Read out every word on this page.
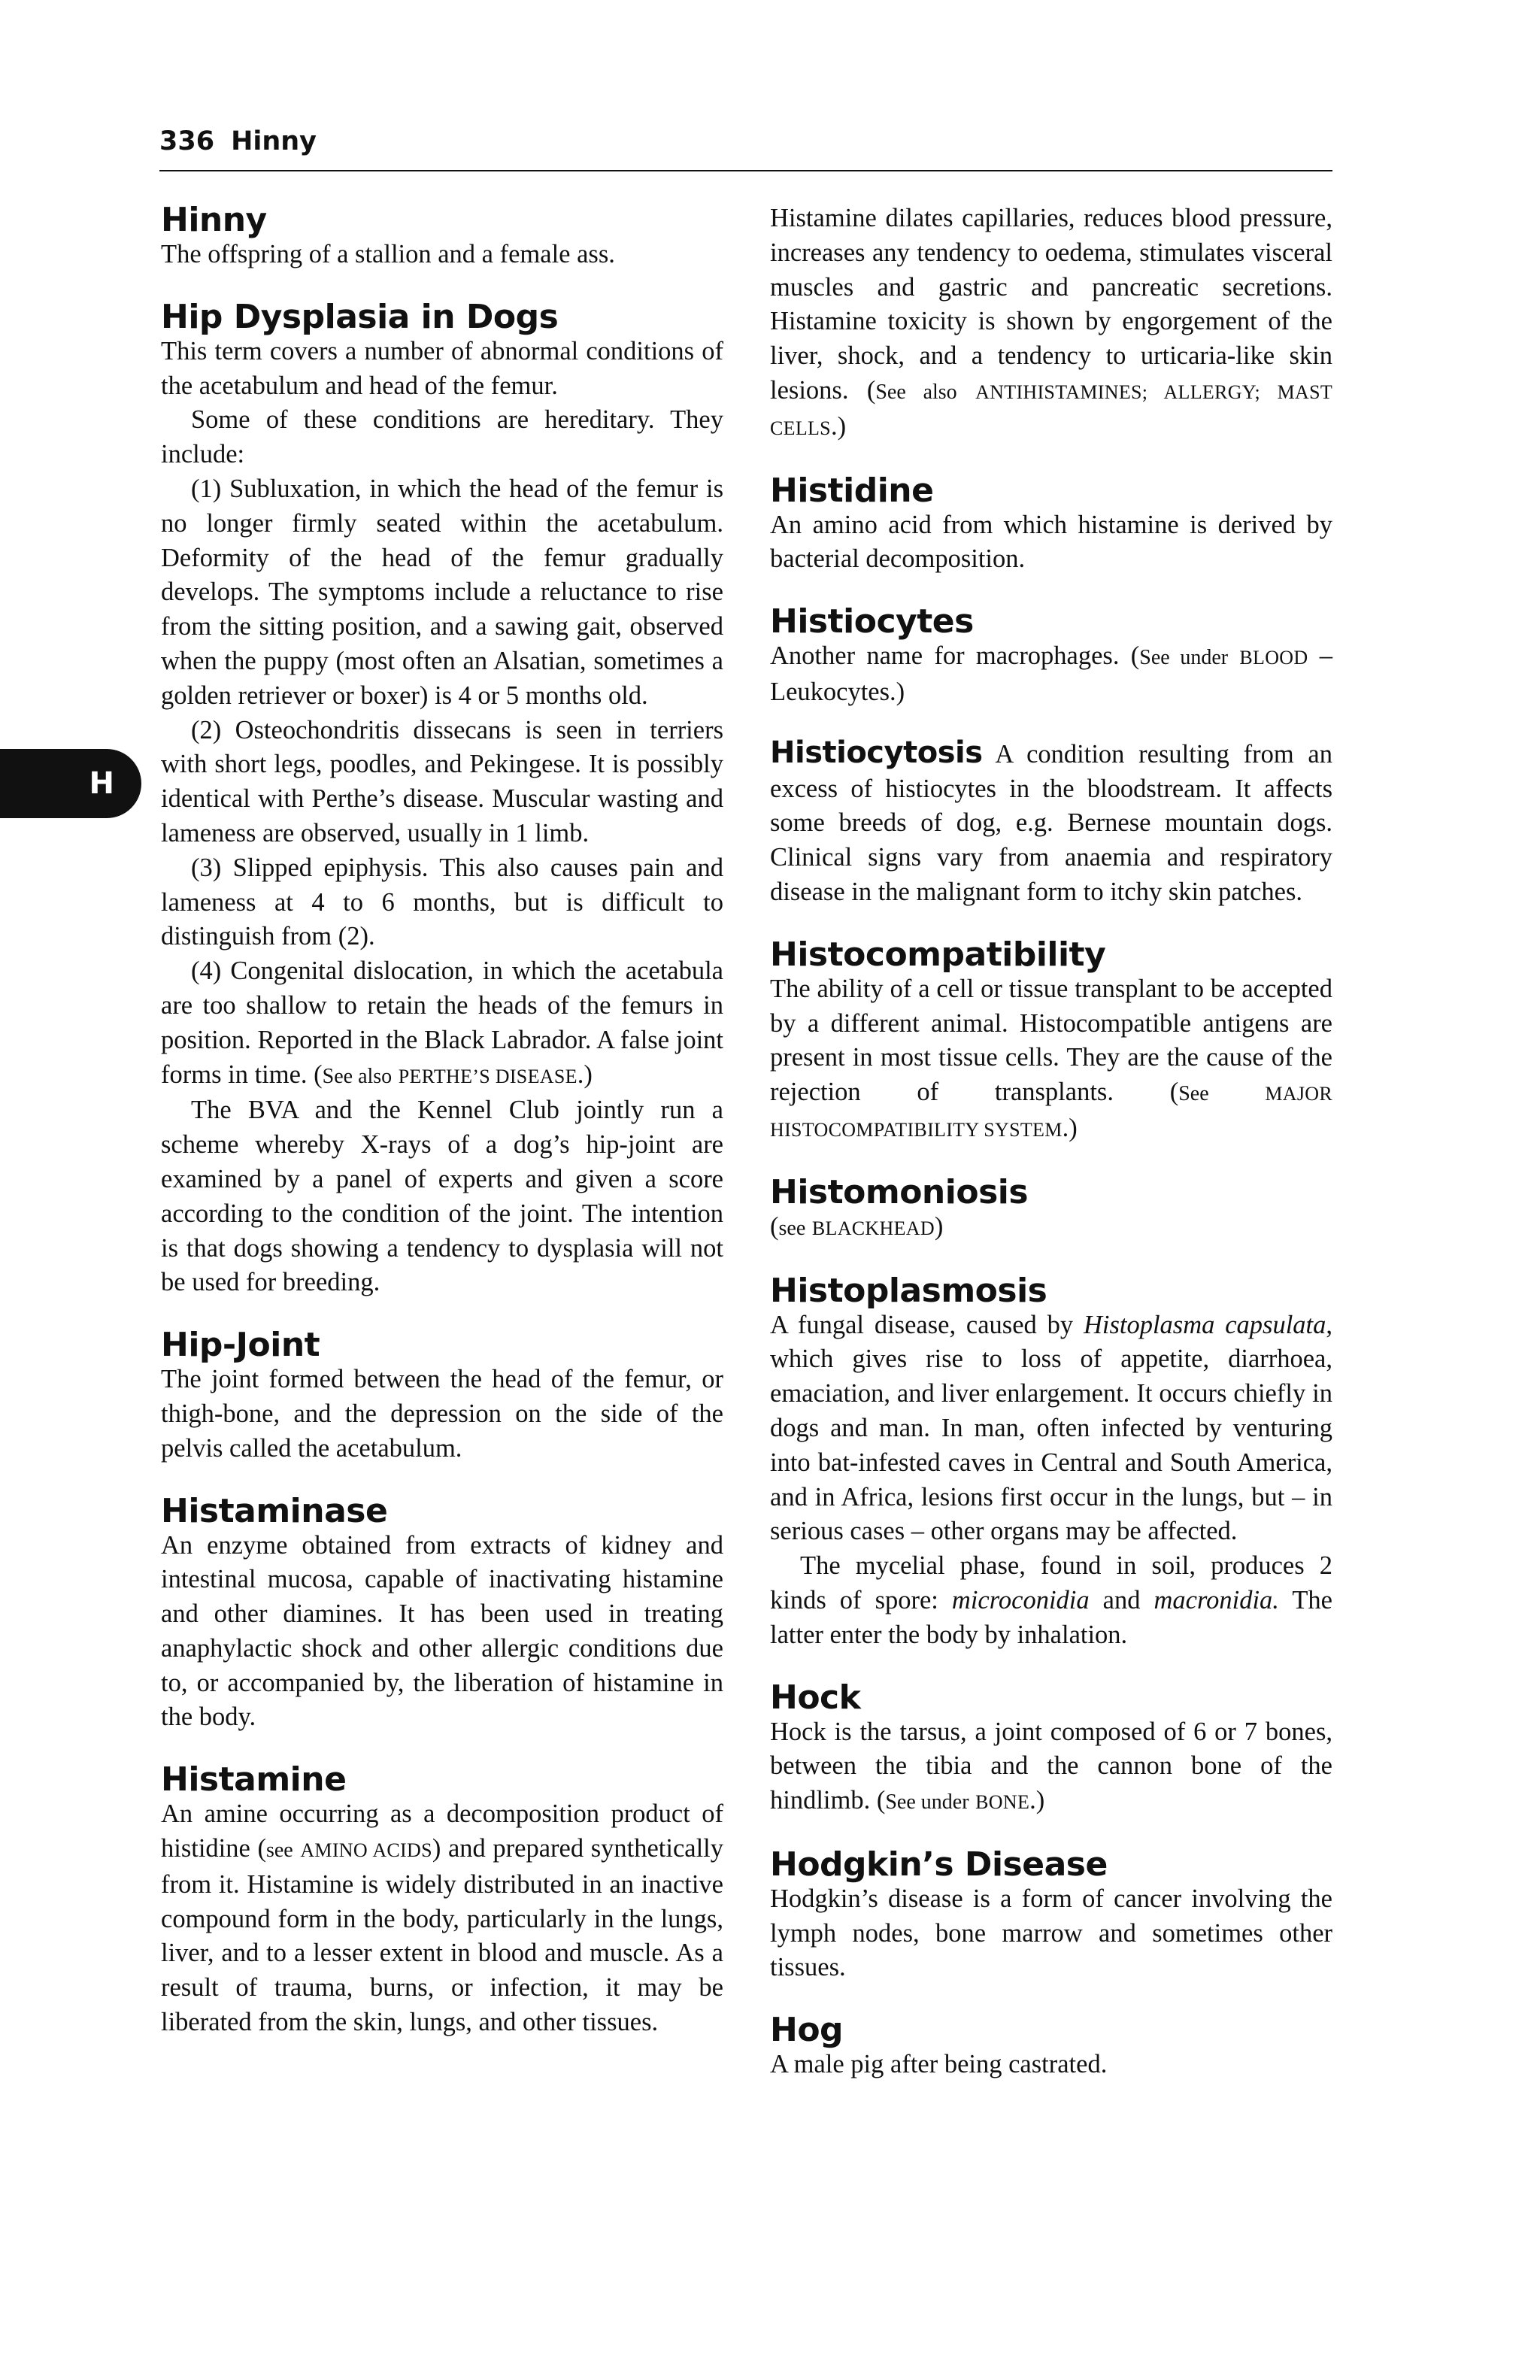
336 Hinny
H
Hinny

The offspring of a stallion and a female ass.

Hip Dysplasia in Dogs

This term covers a number of abnormal conditions of the acetabulum and head of the femur.

Some of these conditions are hereditary. They include:

(1) Subluxation, in which the head of the femur is no longer firmly seated within the acetabulum. Deformity of the head of the femur gradually develops. The symptoms include a reluctance to rise from the sitting position, and a sawing gait, observed when the puppy (most often an Alsatian, sometimes a golden retriever or boxer) is 4 or 5 months old.

(2) Osteochondritis dissecans is seen in terriers with short legs, poodles, and Pekingese. It is possibly identical with Perthe’s disease. Muscular wasting and lameness are observed, usually in 1 limb.

(3) Slipped epiphysis. This also causes pain and lameness at 4 to 6 months, but is difficult to distinguish from (2).

(4) Congenital dislocation, in which the acetabula are too shallow to retain the heads of the femurs in position. Reported in the Black Labrador. A false joint forms in time. (See also PERTHE’S DISEASE.)

The BVA and the Kennel Club jointly run a scheme whereby X-rays of a dog’s hip-joint are examined by a panel of experts and given a score according to the condition of the joint. The intention is that dogs showing a tendency to dysplasia will not be used for breeding.

Hip-Joint

The joint formed between the head of the femur, or thigh-bone, and the depression on the side of the pelvis called the acetabulum.

Histaminase

An enzyme obtained from extracts of kidney and intestinal mucosa, capable of inactivating histamine and other diamines. It has been used in treating anaphylactic shock and other allergic conditions due to, or accompanied by, the liberation of histamine in the body.

Histamine

An amine occurring as a decomposition product of histidine (see AMINO ACIDS) and prepared synthetically from it. Histamine is widely distributed in an inactive compound form in the body, particularly in the lungs, liver, and to a lesser extent in blood and muscle. As a result of trauma, burns, or infection, it may be liberated from the skin, lungs, and other tissues.

Histamine dilates capillaries, reduces blood pressure, increases any tendency to oedema, stimulates visceral muscles and gastric and pancreatic secretions. Histamine toxicity is shown by engorgement of the liver, shock, and a tendency to urticaria-like skin lesions. (See also ANTIHISTAMINES; ALLERGY; MAST CELLS.)

Histidine

An amino acid from which histamine is derived by bacterial decomposition.

Histiocytes

Another name for macrophages. (See under BLOOD – Leukocytes.)

Histiocytosis A condition resulting from an excess of histiocytes in the bloodstream. It affects some breeds of dog, e.g. Bernese mountain dogs. Clinical signs vary from anaemia and respiratory disease in the malignant form to itchy skin patches.

Histocompatibility

The ability of a cell or tissue transplant to be accepted by a different animal. Histocompatible antigens are present in most tissue cells. They are the cause of the rejection of transplants. (See	MAJOR HISTOCOMPATIBILITY SYSTEM.)

Histomoniosis

(see BLACKHEAD)

Histoplasmosis

A fungal disease, caused by Histoplasma capsulata, which gives rise to loss of appetite, diarrhoea, emaciation, and liver enlargement. It occurs chiefly in dogs and man. In man, often infected by venturing into bat-infested caves in Central and South America, and in Africa, lesions first occur in the lungs, but – in serious cases – other organs may be affected.

The mycelial phase, found in soil, produces 2 kinds of spore: microconidia and macronidia. The latter enter the body by inhalation.

Hock

Hock is the tarsus, a joint composed of 6 or 7 bones, between the tibia and the cannon bone of the hindlimb. (See under BONE.)

Hodgkin’s Disease

Hodgkin’s disease is a form of cancer involving the lymph nodes, bone marrow and sometimes other tissues.

Hog

A male pig after being castrated.
